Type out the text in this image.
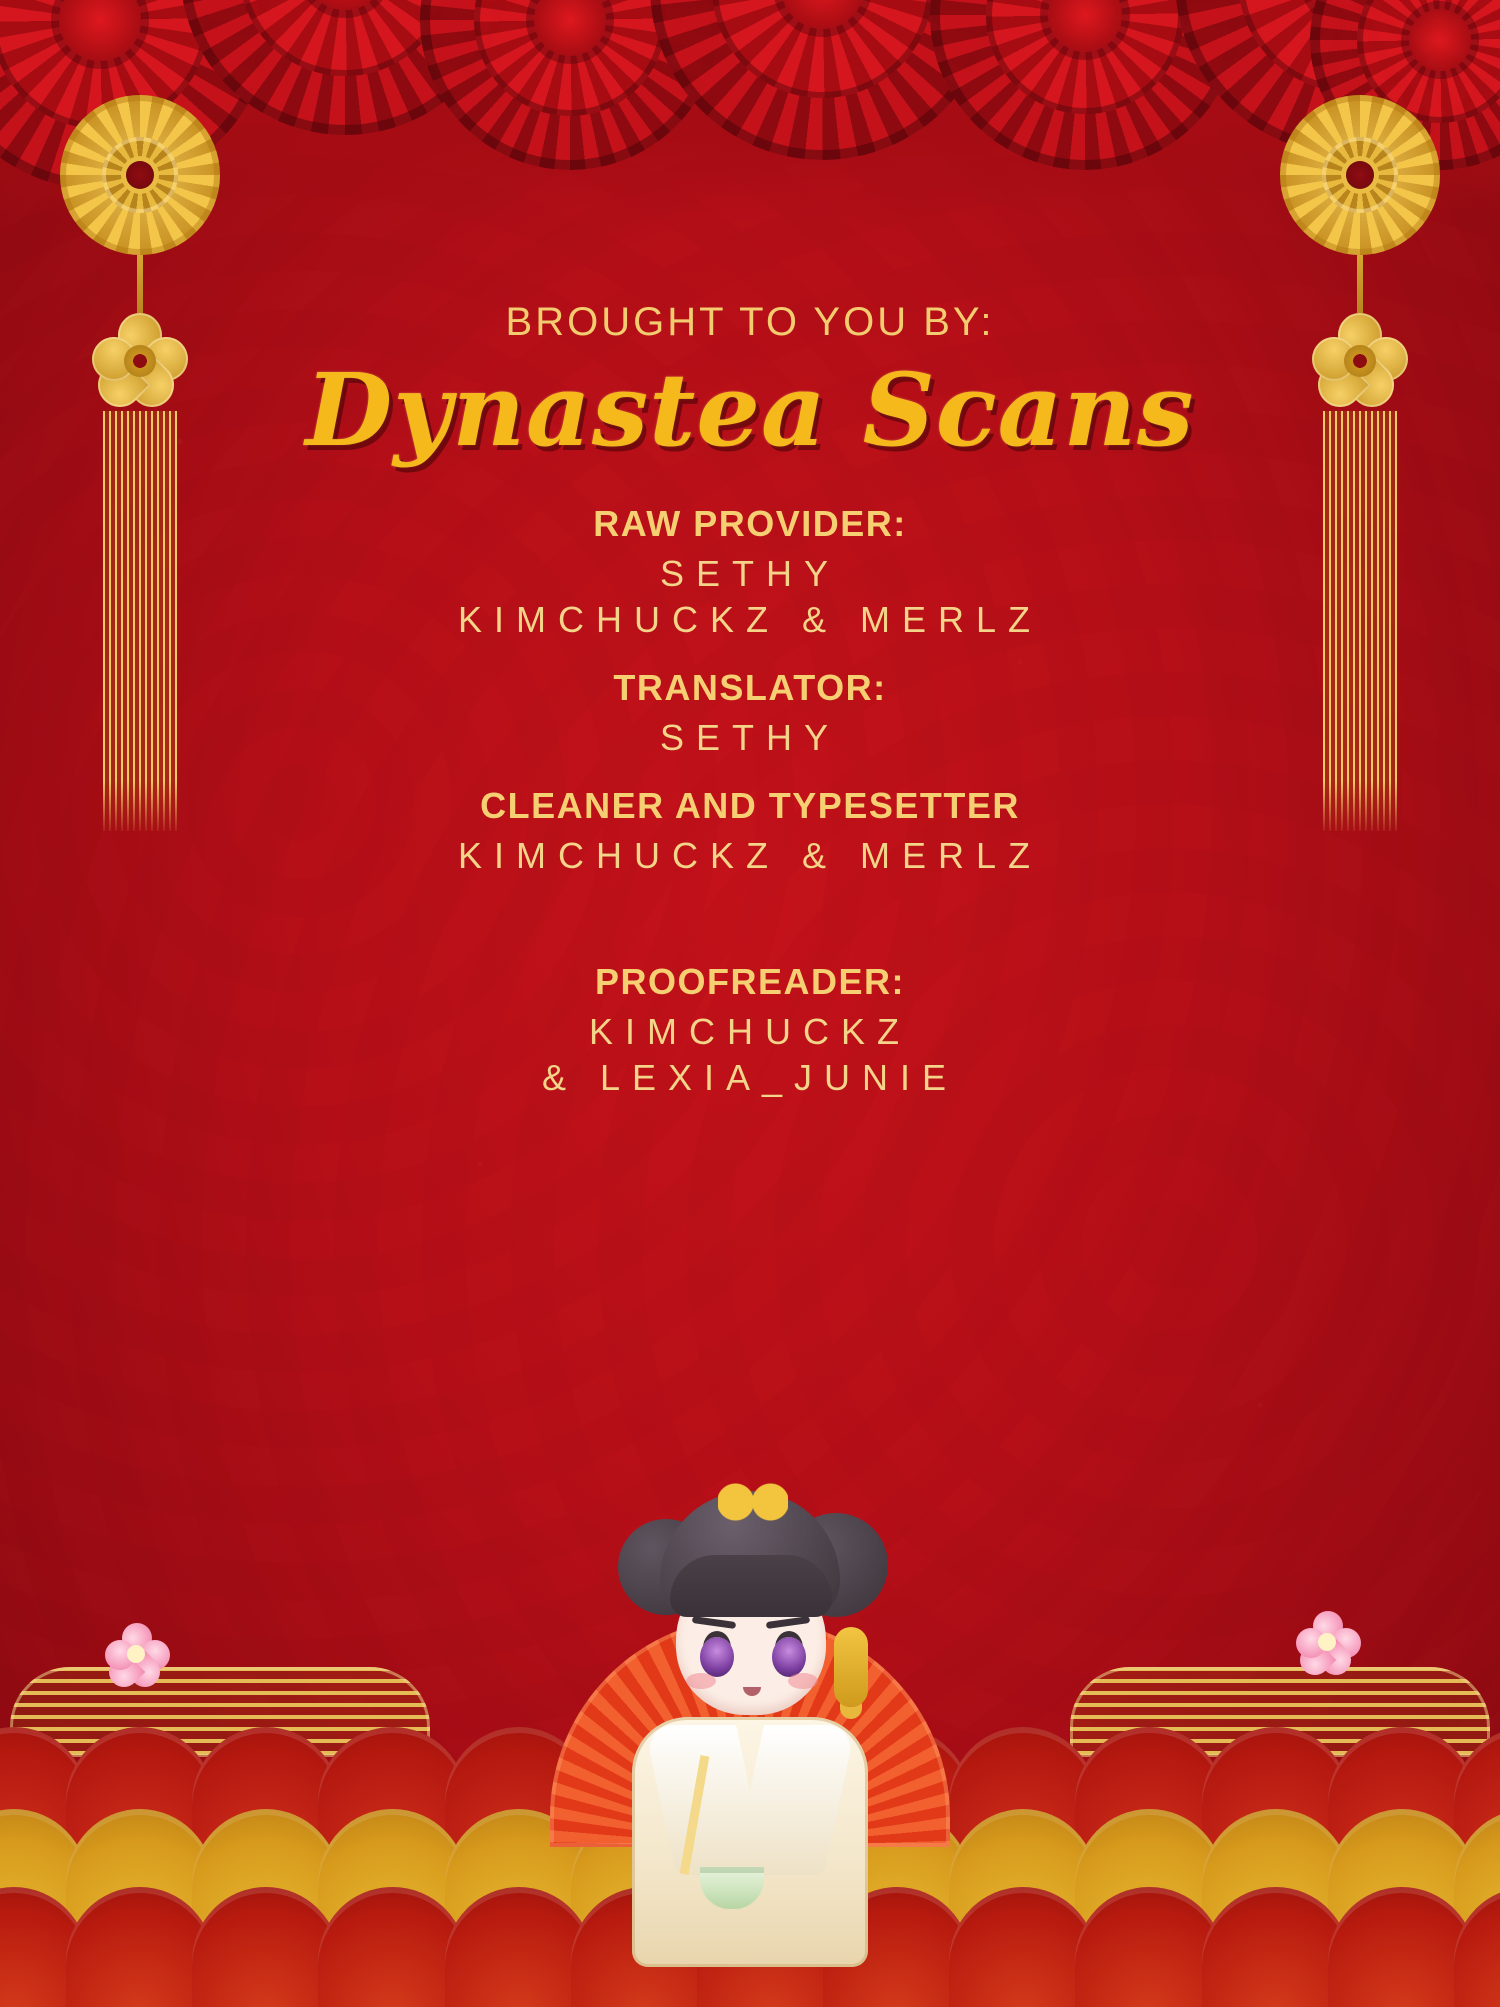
BROUGHT TO YOU BY:
Dynastea Scans
RAW PROVIDER:
SETHY
KIMCHUCKZ & MERLZ
TRANSLATOR:
SETHY
CLEANER AND TYPESETTER
KIMCHUCKZ & MERLZ
PROOFREADER:
KIMCHUCKZ
& LEXIA_JUNIE
